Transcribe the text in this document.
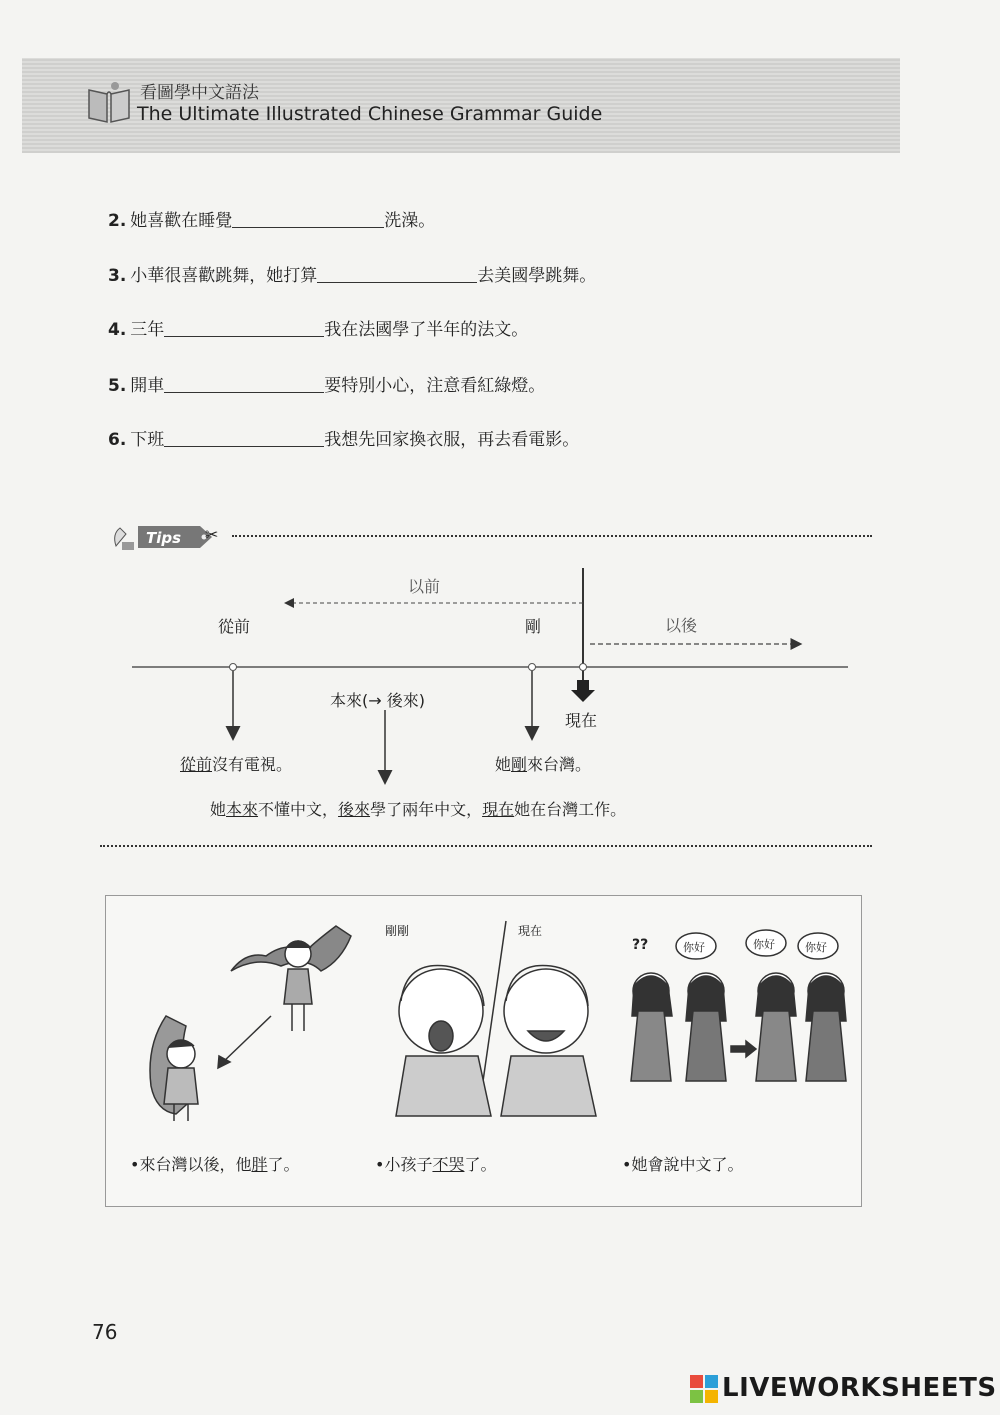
看圖學中文語法
The Ultimate Illustrated Chinese Grammar Guide
2. 她喜歡在睡覺	洗澡。
3. 小華很喜歡跳舞，她打算	去美國學跳舞。
4. 三年	我在法國學了半年的法文。
5. 開車	要特別小心，注意看紅綠燈。
6. 下班	我想先回家換衣服，再去看電影。
Tips ✂
以前
以後
從前	剛
本來(→ 後來)
現在
從前沒有電視。	她剛來台灣。
她本來不懂中文，後來學了兩年中文，現在她在台灣工作。
剛剛	現在
??	你好	你好	你好
•來台灣以後，他胖了。	•小孩子不哭了。	•她會說中文了。
76
LIVEWORKSHEETS
